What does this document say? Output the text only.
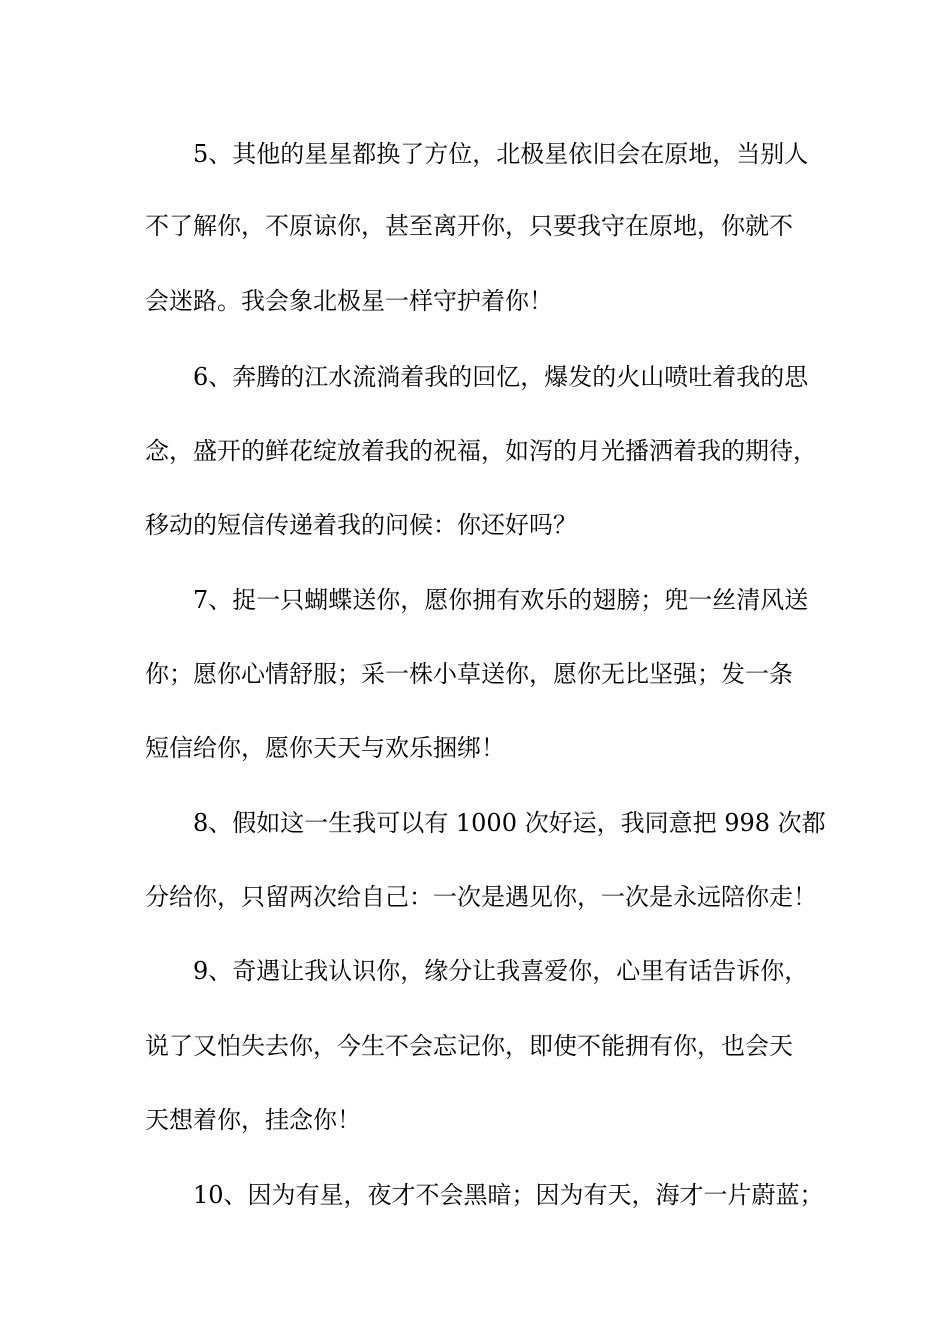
5、其他的星星都换了方位，北极星依旧会在原地，当别人
不了解你，不原谅你，甚至离开你，只要我守在原地，你就不
会迷路。我会象北极星一样守护着你！
6、奔腾的江水流淌着我的回忆，爆发的火山喷吐着我的思
念，盛开的鲜花绽放着我的祝福，如泻的月光播洒着我的期待，
移动的短信传递着我的问候：你还好吗？
7、捉一只蝴蝶送你，愿你拥有欢乐的翅膀；兜一丝清风送
你；愿你心情舒服；采一株小草送你，愿你无比坚强；发一条
短信给你，愿你天天与欢乐捆绑！
8、假如这一生我可以有 1000 次好运，我同意把 998 次都
分给你，只留两次给自己：一次是遇见你，一次是永远陪你走！
9、奇遇让我认识你，缘分让我喜爱你，心里有话告诉你，
说了又怕失去你，今生不会忘记你，即使不能拥有你，也会天
天想着你，挂念你！
10、因为有星，夜才不会黑暗；因为有天，海才一片蔚蓝；
